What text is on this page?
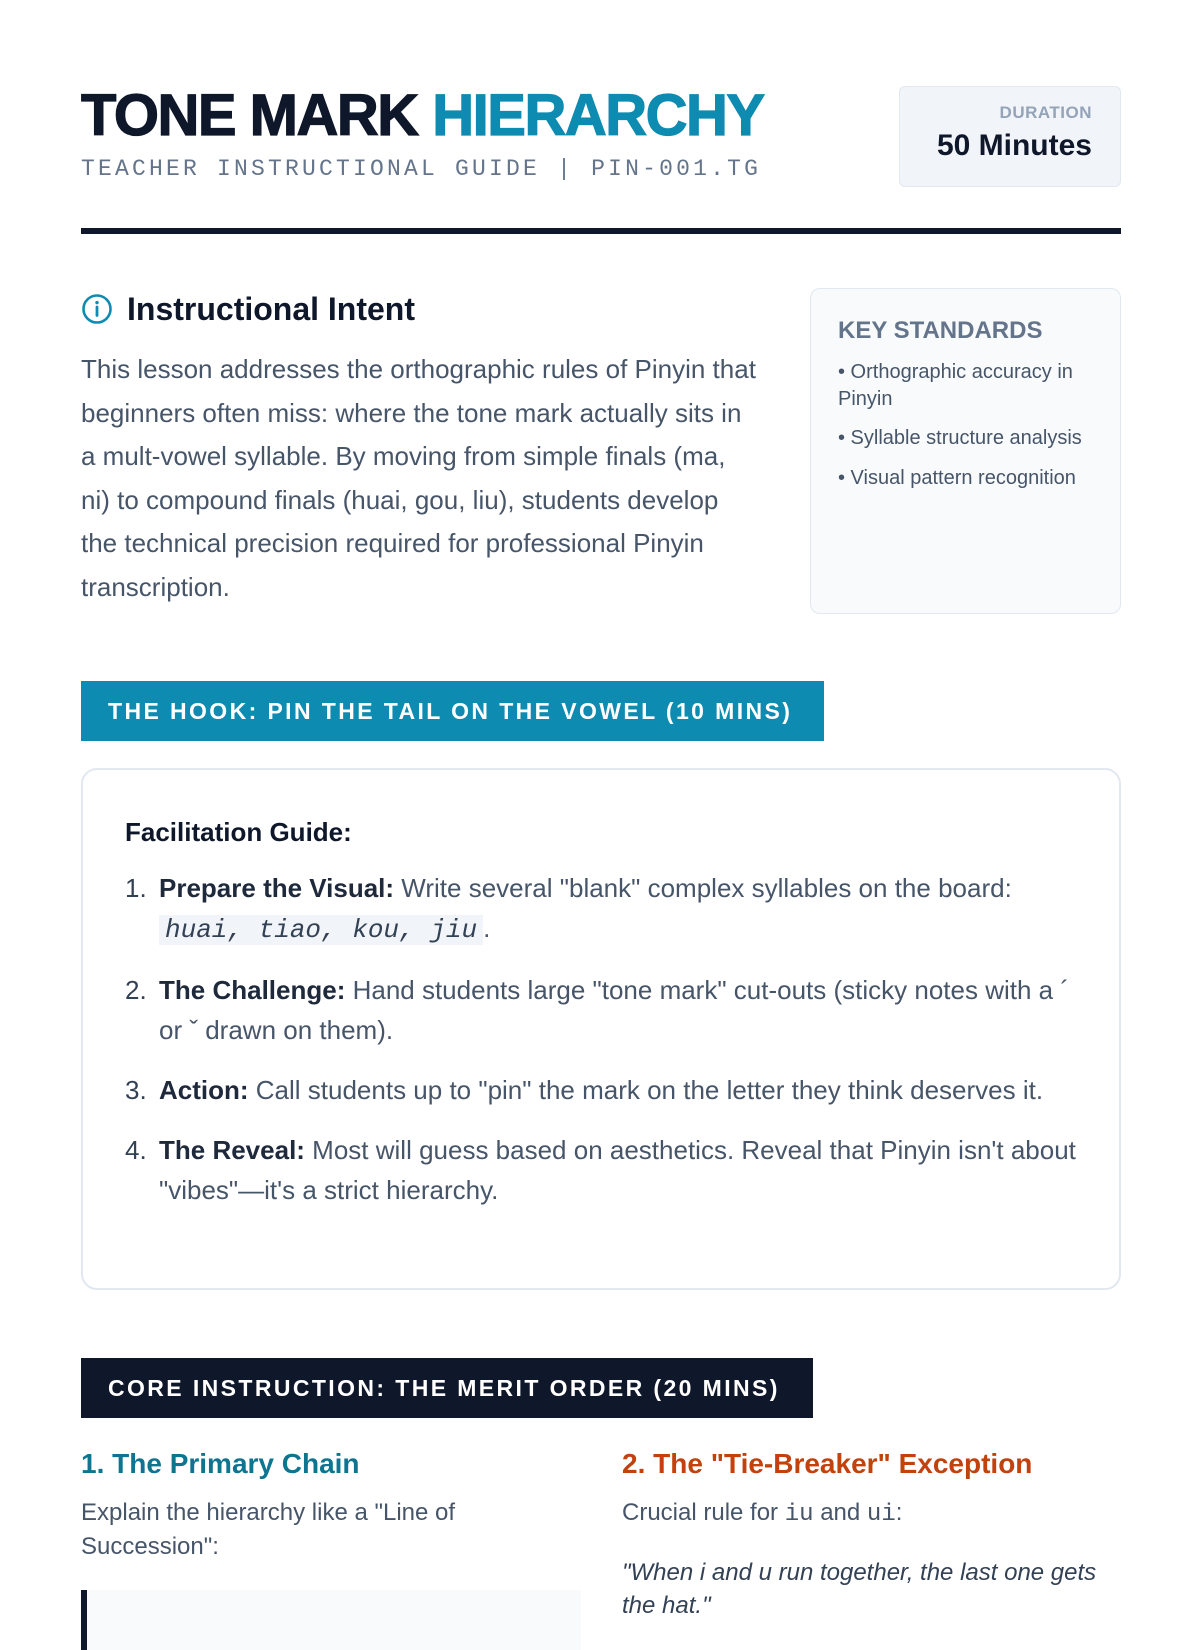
TONE MARK HIERARCHY
TEACHER INSTRUCTIONAL GUIDE | PIN-001.TG
DURATION
50 Minutes
Instructional Intent

This lesson addresses the orthographic rules of Pinyin that beginners often miss: where the tone mark actually sits in a mult-vowel syllable. By moving from simple finals (ma, ni) to compound finals (huai, gou, liu), students develop the technical precision required for professional Pinyin transcription.

KEY STANDARDS
• Orthographic accuracy in Pinyin
• Syllable structure analysis
• Visual pattern recognition
THE HOOK: PIN THE TAIL ON THE VOWEL (10 MINS)
Facilitation Guide:
1. Prepare the Visual: Write several "blank" complex syllables on the board: huai, tiao, kou, jiu .
2. The Challenge: Hand students large "tone mark" cut-outs (sticky notes with a ´ or ˇ drawn on them).
3. Action: Call students up to "pin" the mark on the letter they think deserves it.
4. The Reveal: Most will guess based on aesthetics. Reveal that Pinyin isn't about "vibes"—it's a strict hierarchy.
CORE INSTRUCTION: THE MERIT ORDER (20 MINS)
1. The Primary Chain

Explain the hierarchy like a "Line of Succession":

2. The "Tie-Breaker" Exception

Crucial rule for iu and ui:

"When i and u run together, the last one gets the hat."
